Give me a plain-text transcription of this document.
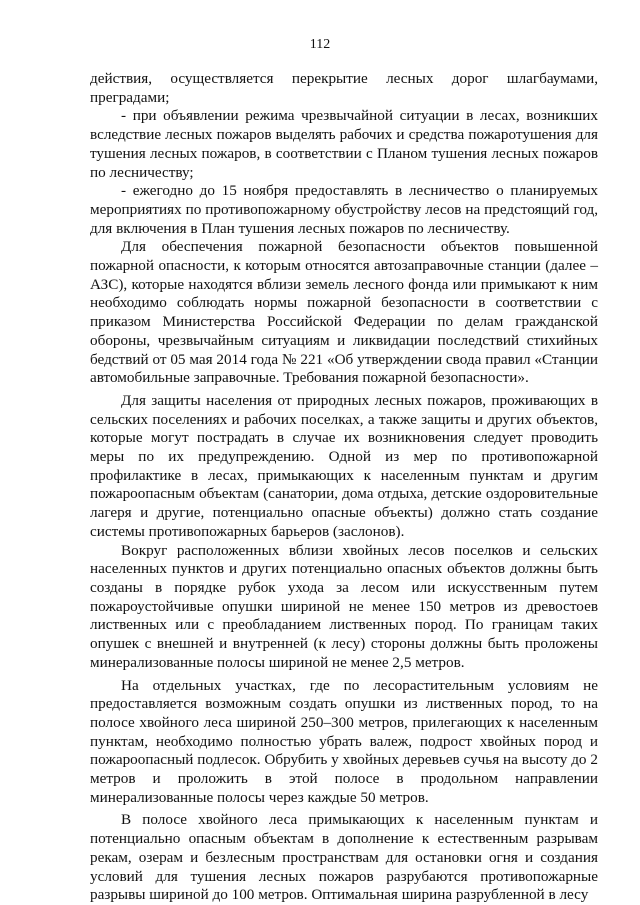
112

действия, осуществляется перекрытие лесных дорог шлагбаумами, преградами;

- при объявлении режима чрезвычайной ситуации в лесах, возникших вследствие лесных пожаров выделять рабочих и средства пожаротушения для тушения лесных пожаров, в соответствии с Планом тушения лесных пожаров по лесничеству;

- ежегодно до 15 ноября предоставлять в лесничество о планируемых мероприятиях по противопожарному обустройству лесов на предстоящий год, для включения в План тушения лесных пожаров по лесничеству.

Для обеспечения пожарной безопасности объектов повышенной пожарной опасности, к которым относятся автозаправочные станции (далее – АЗС), которые находятся вблизи земель лесного фонда или примыкают к ним необходимо соблюдать нормы пожарной безопасности в соответствии с приказом Министерства Российской Федерации по делам гражданской обороны, чрезвычайным ситуациям и ликвидации последствий стихийных бедствий от 05 мая 2014 года № 221 «Об утверждении свода правил «Станции автомобильные заправочные. Требования пожарной безопасности».

Для защиты населения от природных лесных пожаров, проживающих в сельских поселениях и рабочих поселках, а также защиты и других объектов, которые могут пострадать в случае их возникновения следует проводить меры по их предупреждению. Одной из мер по противопожарной профилактике в лесах, примыкающих к населенным пунктам и другим пожароопасным объектам (санатории, дома отдыха, детские оздоровительные лагеря и другие, потенциально опасные объекты) должно стать создание системы противопожарных барьеров (заслонов).

Вокруг расположенных вблизи хвойных лесов поселков и сельских населенных пунктов и других потенциально опасных объектов должны быть созданы в порядке рубок ухода за лесом или искусственным путем пожароустойчивые опушки шириной не менее 150 метров из древостоев лиственных или с преобладанием лиственных пород. По границам таких опушек с внешней и внутренней (к лесу) стороны должны быть проложены минерализованные полосы шириной не менее 2,5 метров.

На отдельных участках, где по лесорастительным условиям не предоставляется возможным создать опушки из лиственных пород, то на полосе хвойного леса шириной 250–300 метров, прилегающих к населенным пунктам, необходимо полностью убрать валеж, подрост хвойных пород и пожароопасный подлесок. Обрубить у хвойных деревьев сучья на высоту до 2 метров и проложить в этой полосе в продольном направлении минерализованные полосы через каждые 50 метров.

В полосе хвойного леса примыкающих к населенным пунктам и потенциально опасным объектам в дополнение к естественным разрывам рекам, озерам и безлесным пространствам для остановки огня и создания условий для тушения лесных пожаров разрубаются противопожарные разрывы шириной до 100 метров. Оптимальная ширина разрубленной в лесу
